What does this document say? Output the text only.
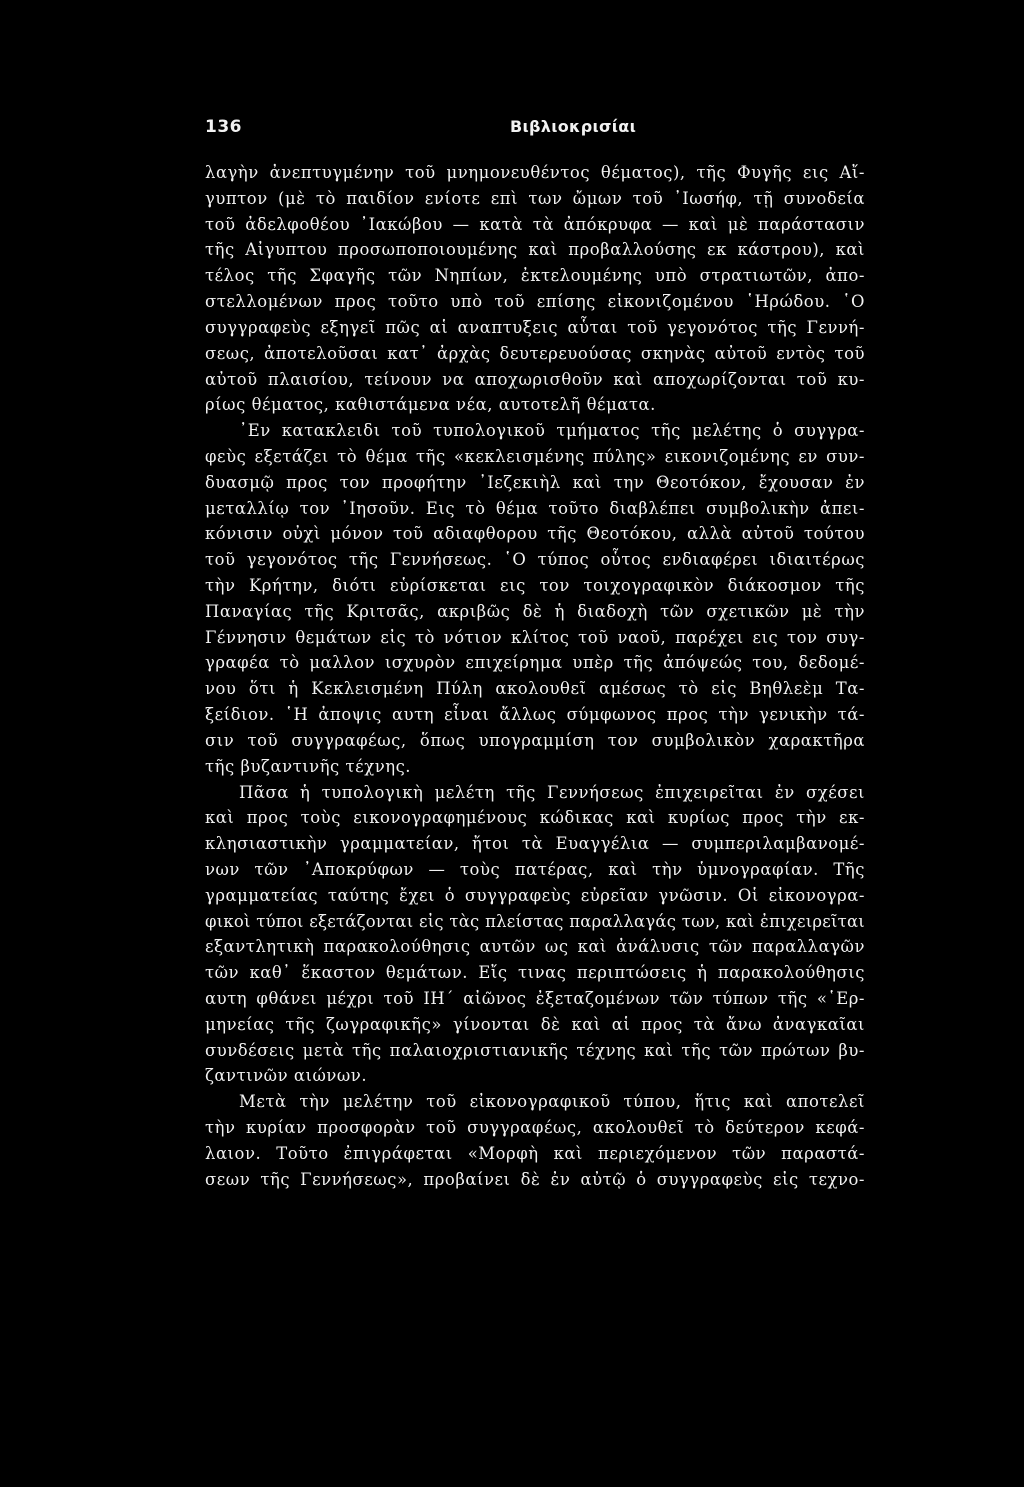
136	Βιβλιοκρισίαι
λαγὴν ἀνεπτυγμένην τοῦ μνημονευθέντος θέματος), τῆς Φυγῆς εις Αἴ-
γυπτον (μὲ τὸ παιδίον ενίοτε επὶ των ὤμων τοῦ ᾿Ιωσήφ, τῇ συνοδεία
τοῦ ἀδελφοθέου ᾿Ιακώβου — κατὰ τὰ ἀπόκρυφα — καὶ μὲ παράστασιν
τῆς Αἰγυπτου προσωποποιουμένης καὶ προβαλλούσης εκ κάστρου), καὶ
τέλος τῆς Σφαγῆς τῶν Νηπίων, ἐκτελουμένης υπὸ στρατιωτῶν, ἀπο-
στελλομένων προς τοῦτο υπὸ τοῦ επίσης εἰκονιζομένου ῾Ηρώδου. ῾Ο
συγγραφεὺς εξηγεῖ πῶς αἱ αναπτυξεις αὗται τοῦ γεγονότος τῆς Γεννή-
σεως, ἀποτελοῦσαι κατ᾿ ἀρχὰς δευτερευούσας σκηνὰς αὐτοῦ εντὸς τοῦ
αὐτοῦ πλαισίου, τείνουν να αποχωρισθοῦν καὶ αποχωρίζονται τοῦ κυ-
ρίως θέματος, καθιστάμενα νέα, αυτοτελῆ θέματα.
᾿Εν κατακλειδι τοῦ τυπολογικοῦ τμήματος τῆς μελέτης ὁ συγγρα-
φεὺς εξετάζει τὸ θέμα τῆς «κεκλεισμένης πύλης» εικονιζομένης εν συν-
δυασμῷ προς τον προφήτην ᾿Ιεζεκιὴλ καὶ την Θεοτόκον, ἔχουσαν ἐν
μεταλλίῳ τον ᾿Ιησοῦν. Εις τὸ θέμα τοῦτο διαβλέπει συμβολικὴν ἀπει-
κόνισιν οὐχὶ μόνον τοῦ αδιαφθορου τῆς Θεοτόκου, αλλὰ αὐτοῦ τούτου
τοῦ γεγονότος τῆς Γεννήσεως. ῾Ο τύπος οὗτος ενδιαφέρει ιδιαιτέρως
τὴν Κρήτην, διότι εὑρίσκεται εις τον τοιχογραφικὸν διάκοσμον τῆς
Παναγίας τῆς Κριτσᾶς, ακριβῶς δὲ ἡ διαδοχὴ τῶν σχετικῶν μὲ τὴν
Γέννησιν θεμάτων εἰς τὸ νότιον κλίτος τοῦ ναοῦ, παρέχει εις τον συγ-
γραφέα τὸ μαλλον ισχυρὸν επιχείρημα υπὲρ τῆς ἀπόψεώς του, δεδομέ-
νου ὅτι ἡ Κεκλεισμένη Πύλη ακολουθεῖ αμέσως τὸ εἰς Βηθλεὲμ Τα-
ξείδιον. ῾Η ἀποψις αυτη εἶναι ἄλλως σύμφωνος προς τὴν γενικὴν τά-
σιν τοῦ συγγραφέως, ὅπως υπογραμμίση τον συμβολικὸν χαρακτῆρα
τῆς βυζαντινῆς τέχνης.
Πᾶσα ἡ τυπολογικὴ μελέτη τῆς Γεννήσεως ἐπιχειρεῖται ἐν σχέσει
καὶ προς τοὺς εικονογραφημένους κώδικας καὶ κυρίως προς τὴν εκ-
κλησιαστικὴν γραμματείαν, ἤτοι τὰ Ευαγγέλια — συμπεριλαμβανομέ-
νων τῶν ᾿Αποκρύφων — τοὺς πατέρας, καὶ τὴν ὑμνογραφίαν. Τῆς
γραμματείας ταύτης ἔχει ὁ συγγραφεὺς εὐρεῖαν γνῶσιν. Οἱ εἰκονογρα-
φικοὶ τύποι εξετάζονται εἰς τὰς πλείστας παραλλαγάς των, καὶ ἐπιχειρεῖται
εξαντλητικὴ παρακολούθησις αυτῶν ως καὶ ἀνάλυσις τῶν παραλλαγῶν
τῶν καθ᾿ ἕκαστον θεμάτων. Εἴς τινας περιπτώσεις ἡ παρακολούθησις
αυτη φθάνει μέχρι τοῦ ΙΗ΄ αἰῶνος ἐξεταζομένων τῶν τύπων τῆς «῾Ερ-
μηνείας τῆς ζωγραφικῆς» γίνονται δὲ καὶ αἱ προς τὰ ἄνω ἀναγκαῖαι
συνδέσεις μετὰ τῆς παλαιοχριστιανικῆς τέχνης καὶ τῆς τῶν πρώτων βυ-
ζαντινῶν αιώνων.
Μετὰ τὴν μελέτην τοῦ εἰκονογραφικοῦ τύπου, ἥτις καὶ αποτελεῖ
τὴν κυρίαν προσφορὰν τοῦ συγγραφέως, ακολουθεῖ τὸ δεύτερον κεφά-
λαιον. Τοῦτο ἐπιγράφεται «Μορφὴ καὶ περιεχόμενον τῶν παραστά-
σεων τῆς Γεννήσεως», προβαίνει δὲ ἐν αὐτῷ ὁ συγγραφεὺς εἰς τεχνο-
